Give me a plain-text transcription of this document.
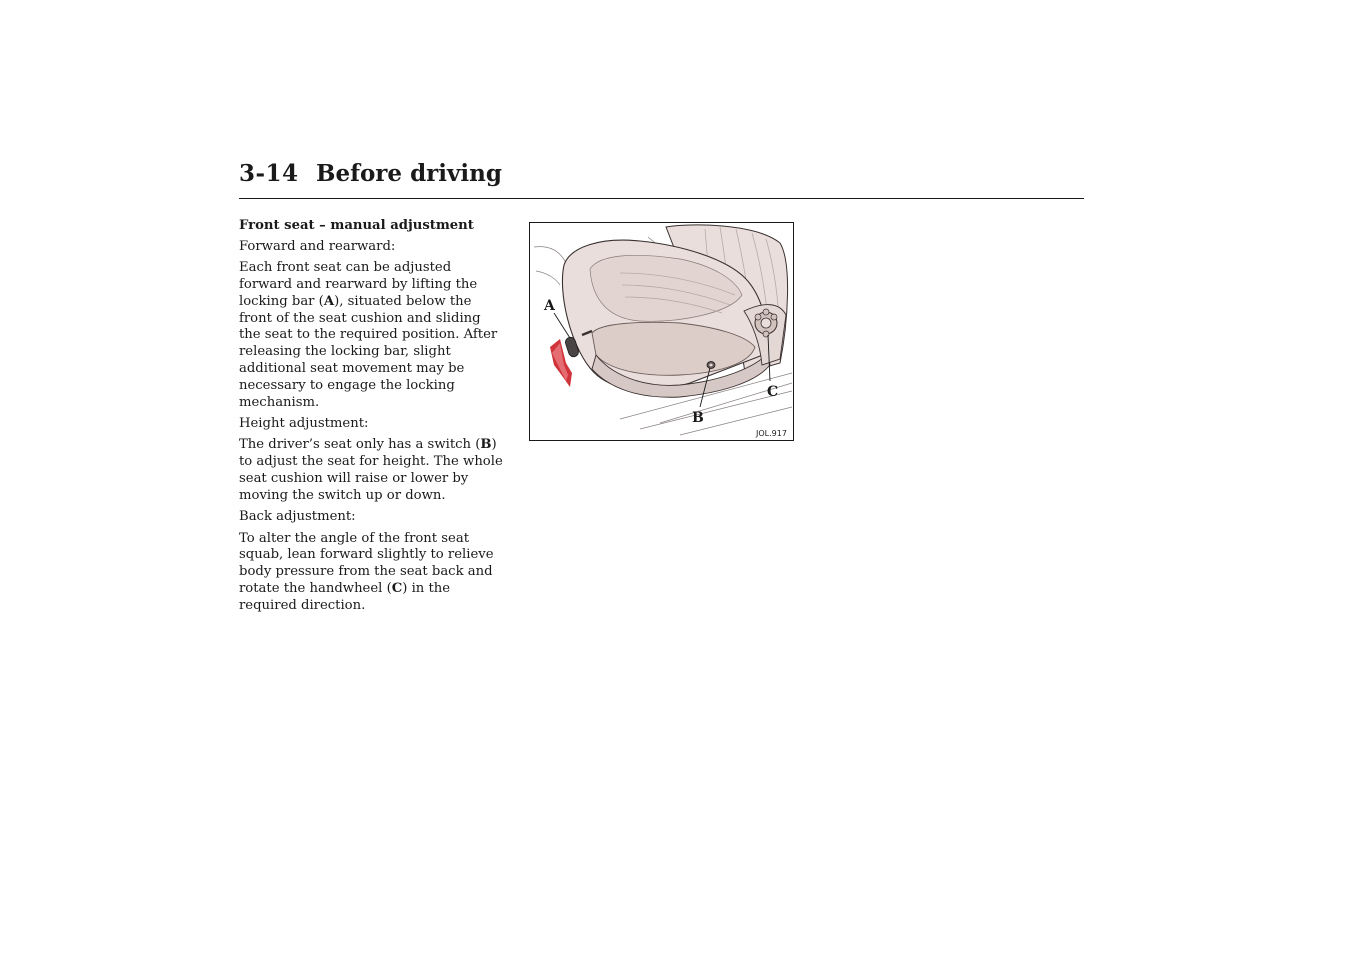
3-14 Before driving

Front seat – manual adjustment

Forward and rearward:

Each front seat can be adjusted forward and rearward by lifting the locking bar (A), situated below the front of the seat cushion and sliding the seat to the required position. After releasing the locking bar, slight additional seat movement may be necessary to engage the locking mechanism.

Height adjustment:

The driver’s seat only has a switch (B) to adjust the seat for height. The whole seat cushion will raise or lower by moving the switch up or down.

Back adjustment:

To alter the angle of the front seat squab, lean forward slightly to relieve body pressure from the seat back and rotate the handwheel (C) in the required direction.

A
B
C
JOL.917
